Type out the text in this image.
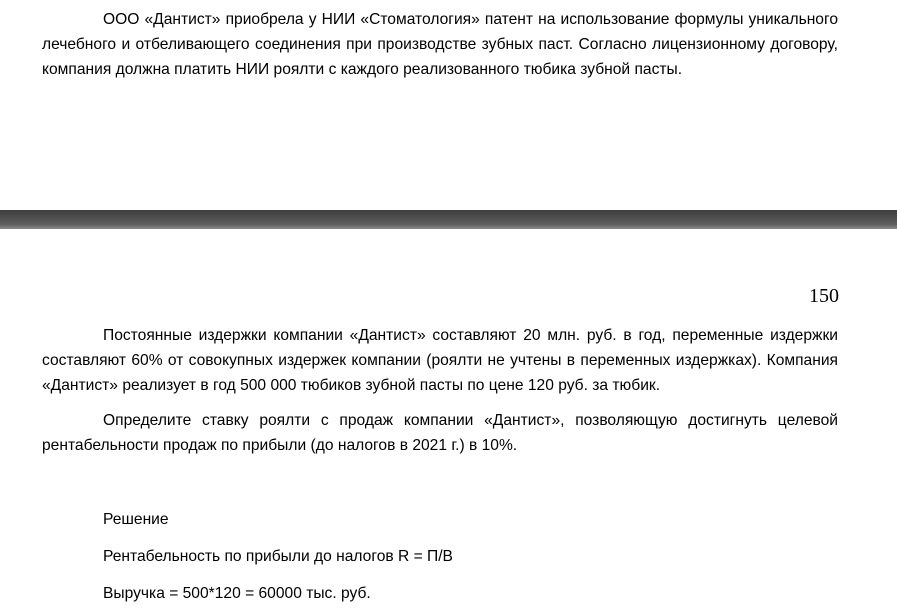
ООО «Дантист» приобрела у НИИ «Стоматология» патент на использование формулы уникального лечебного и отбеливающего соединения при производстве зубных паст. Согласно лицензионному договору, компания должна платить НИИ роялти с каждого реализованного тюбика зубной пасты.

150

Постоянные издержки компании «Дантист» составляют 20 млн. руб. в год, переменные издержки составляют 60% от совокупных издержек компании (роялти не учтены в переменных издержках). Компания «Дантист» реализует в год 500 000 тюбиков зубной пасты по цене 120 руб. за тюбик.

Определите ставку роялти с продаж компании «Дантист», позволяющую достигнуть целевой рентабельности продаж по прибыли (до налогов в 2021 г.) в 10%.

Решение

Рентабельность по прибыли до налогов R = П/В

Выручка = 500*120 = 60000 тыс. руб.
